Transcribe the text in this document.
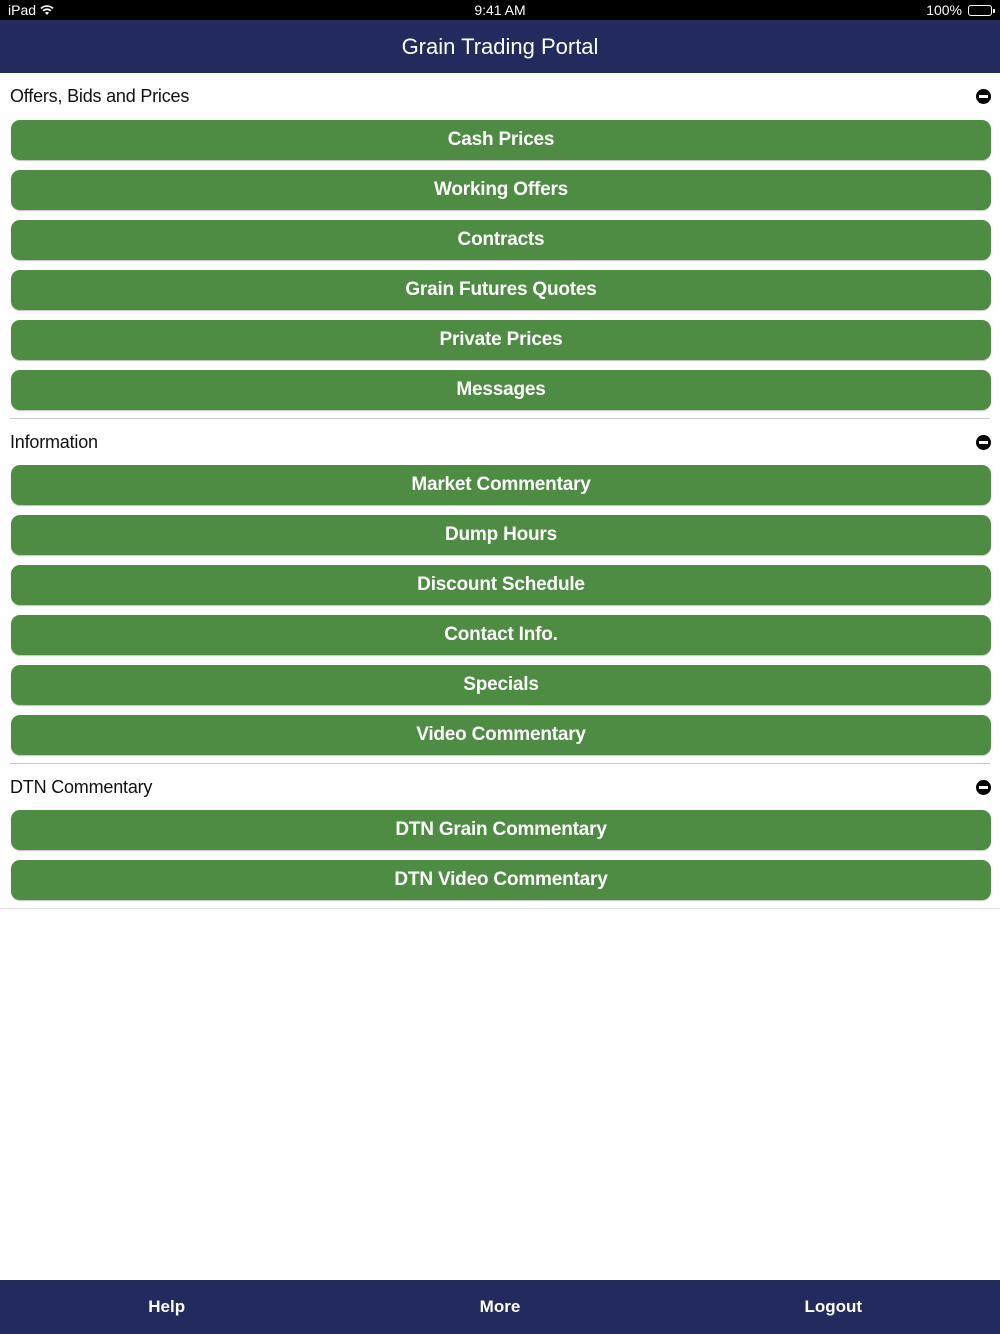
iPad	9:41 AM	100%
Grain Trading Portal
Offers, Bids and Prices
Cash Prices
Working Offers
Contracts
Grain Futures Quotes
Private Prices
Messages
Information
Market Commentary
Dump Hours
Discount Schedule
Contact Info.
Specials
Video Commentary
DTN Commentary
DTN Grain Commentary
DTN Video Commentary
Help	More	Logout
